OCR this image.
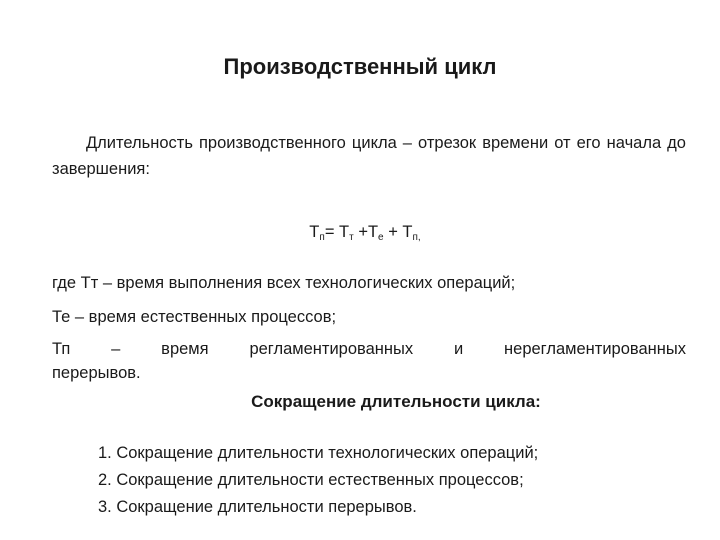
Производственный цикл
Длительность производственного цикла – отрезок времени от его начала до завершения:
$Т_п= Т_т +Т_е + Т_{п,}$
где Тт – время выполнения всех технологических операций;
Те – время естественных процессов;
Тп – время регламентированных и нерегламентированных
перерывов.
Сокращение длительности цикла:
1. Сокращение длительности технологических операций;
2. Сокращение длительности естественных процессов;
3. Сокращение длительности перерывов.
